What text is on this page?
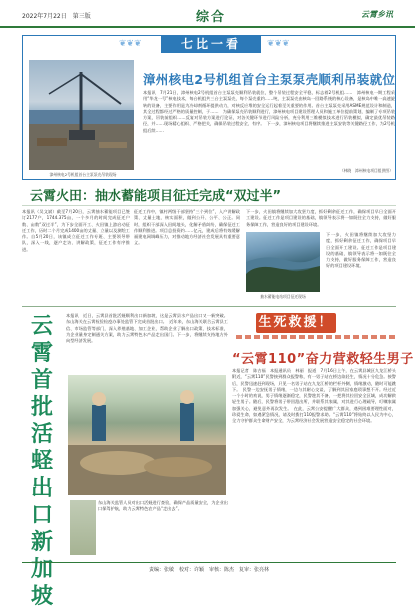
2022年7月22日　第三版	综合	云霄乡讯
❦❦❦	七比一看	❦❦❦
漳州核电2号机组首台主泵泵壳吊装现场
漳州核电2号机组首台主泵泵壳顺利吊装就位
本报讯　7月21日，漳州核电2号机组首台主泵泵壳顺利吊装就位，整个吊装过程安全平稳，标志着2号机组……　漳州核电一期工程采用“华龙一号”核电技术，每台机组共三台主泵泵壳，每个泵壳重约……吨，主泵泵壳由核岛一回路系统的核心设备，是核岛中唯一高速旋转的设备，主要作用是为冷却剂循环提供动力，对核反应堆的安全运行起着至关重要的作用。首台主泵泵壳采用ASME规范设计和制造，其全过程都经过严格的质量控制，于……　为确保泵壳吊装顺利进行，漳州核电项目建设管理人员和施工单位提前策划，编制了专项吊装方案，吊装前组织……反复对吊装方案进行论证，对各关键环节进行风险分析，充分利用三维模拟技术进行吊装模拟，确定最优吊装路径，并……现场精心组织、严格把关，确保吊装过程安全、有序。　下一步，漳州核电项目将继续推进主泵安装等关键路径工作，为2号机组后续……
（林晓　漳州核电项目组供图）
云霄火田：抽水蓄能项目征迁完成“双过半”
本报讯（吴文斌）截至7月20日，云霄抽水蓄能项目已签订2177户，1744.375亩，一个多月的时间完成征迁户数、亩数“双过半”，为下步全面开工、火田镇上游启动征迁工作，历时二个月完成1400亩的丈量、立量以及测绘工作。自5月20日，该镇成立征迁工作专班、主要领导带队，深入一线，逐户走访、讲解政策，征迁工作有序推进。
征迁工作中，镇村两级干部坚持“三个到位”，入户讲解政策、丈量土地、核实面积，做到公开、公平、公正。同时，组织干部深入田间地头，化解矛盾纠纷，确保征迁工作顺利推进。项目总投资约……亿元，建成后将有效缓解福建电网调峰压力，对推动地方经济社会发展具有重要意义。
下一步，火田镇将继续加大攻坚力度，抓好剩余征迁工作，确保项目早日全面开工建设。征迁工作是项目建设的基础，镇领导表示将一如既往全力支持，做好服务保障工作，营造良好的项目建设环境。
抽水蓄能电站项目征迁现场
下一步，火田镇将继续加大攻坚力度，抓好剩余征迁工作，确保项目早日全面开工建设。征迁工作是项目建设的基础，镇领导表示将一如既往全力支持，做好服务保障工作，营造良好的项目建设环境。
云霄首批活蛏出口新加坡
本报讯　近日，云霄县首批活蛏顺利出口新加坡，这是云霄县水产品出口又一新突破。东山海关在云霄检验检疫办事处监管下完成首批出口。　近年来，东山海关联合云霄县工信、市场监管等部门，深入养殖基地、加工企业，帮助企业了解出口政策、技术标准，为企业量身定制通关方案，助力云霄特色水产品走出国门。下一步，将继续支持地方外向型经济发展。
东山海关监管人员对出口活蛏进行查验，确保产品质量安全，为企业出口保驾护航，助力云霄特色农产品“走出去”。
生死救援！
“云霄110”奋力营救轻生男子
本报记者　陈吉福　本报通讯员　林丽　报道　7月16日上午，在云霄县城区九龙江桥头附近，“云霄110”民警接到群众报警称，有一男子站在桥边欲轻生，情况十分危急。接警后，民警迅速赶到现场，只见一名男子站在九龙江桥的栏杆外侧，情绪激动，随时可能跳下。　民警一边安抚男子情绪，一边与其耐心交谈，了解到其因家庭琐事想不开。经过近一个小时的劝说，男子情绪逐渐稳定，民警趁其不备，一把将其拉回安全区域，成功解救轻生男子。随后，民警将男子带回派出所，并联系其家属，对其进行心理疏导，叮嘱家属加强关心，避免意外再次发生。　在此，云霄公安提醒广大群众，遇到困难要理性面对，珍爱生命，如遇紧急情况，请及时拨打110报警求助。“云霄110”将始终以人民为中心，全力守护群众生命财产安全，为云霄经济社会发展营造安全稳定的社会环境。
责编：张敏　校对：许颖　审核：陈杰　复审：张亮林
